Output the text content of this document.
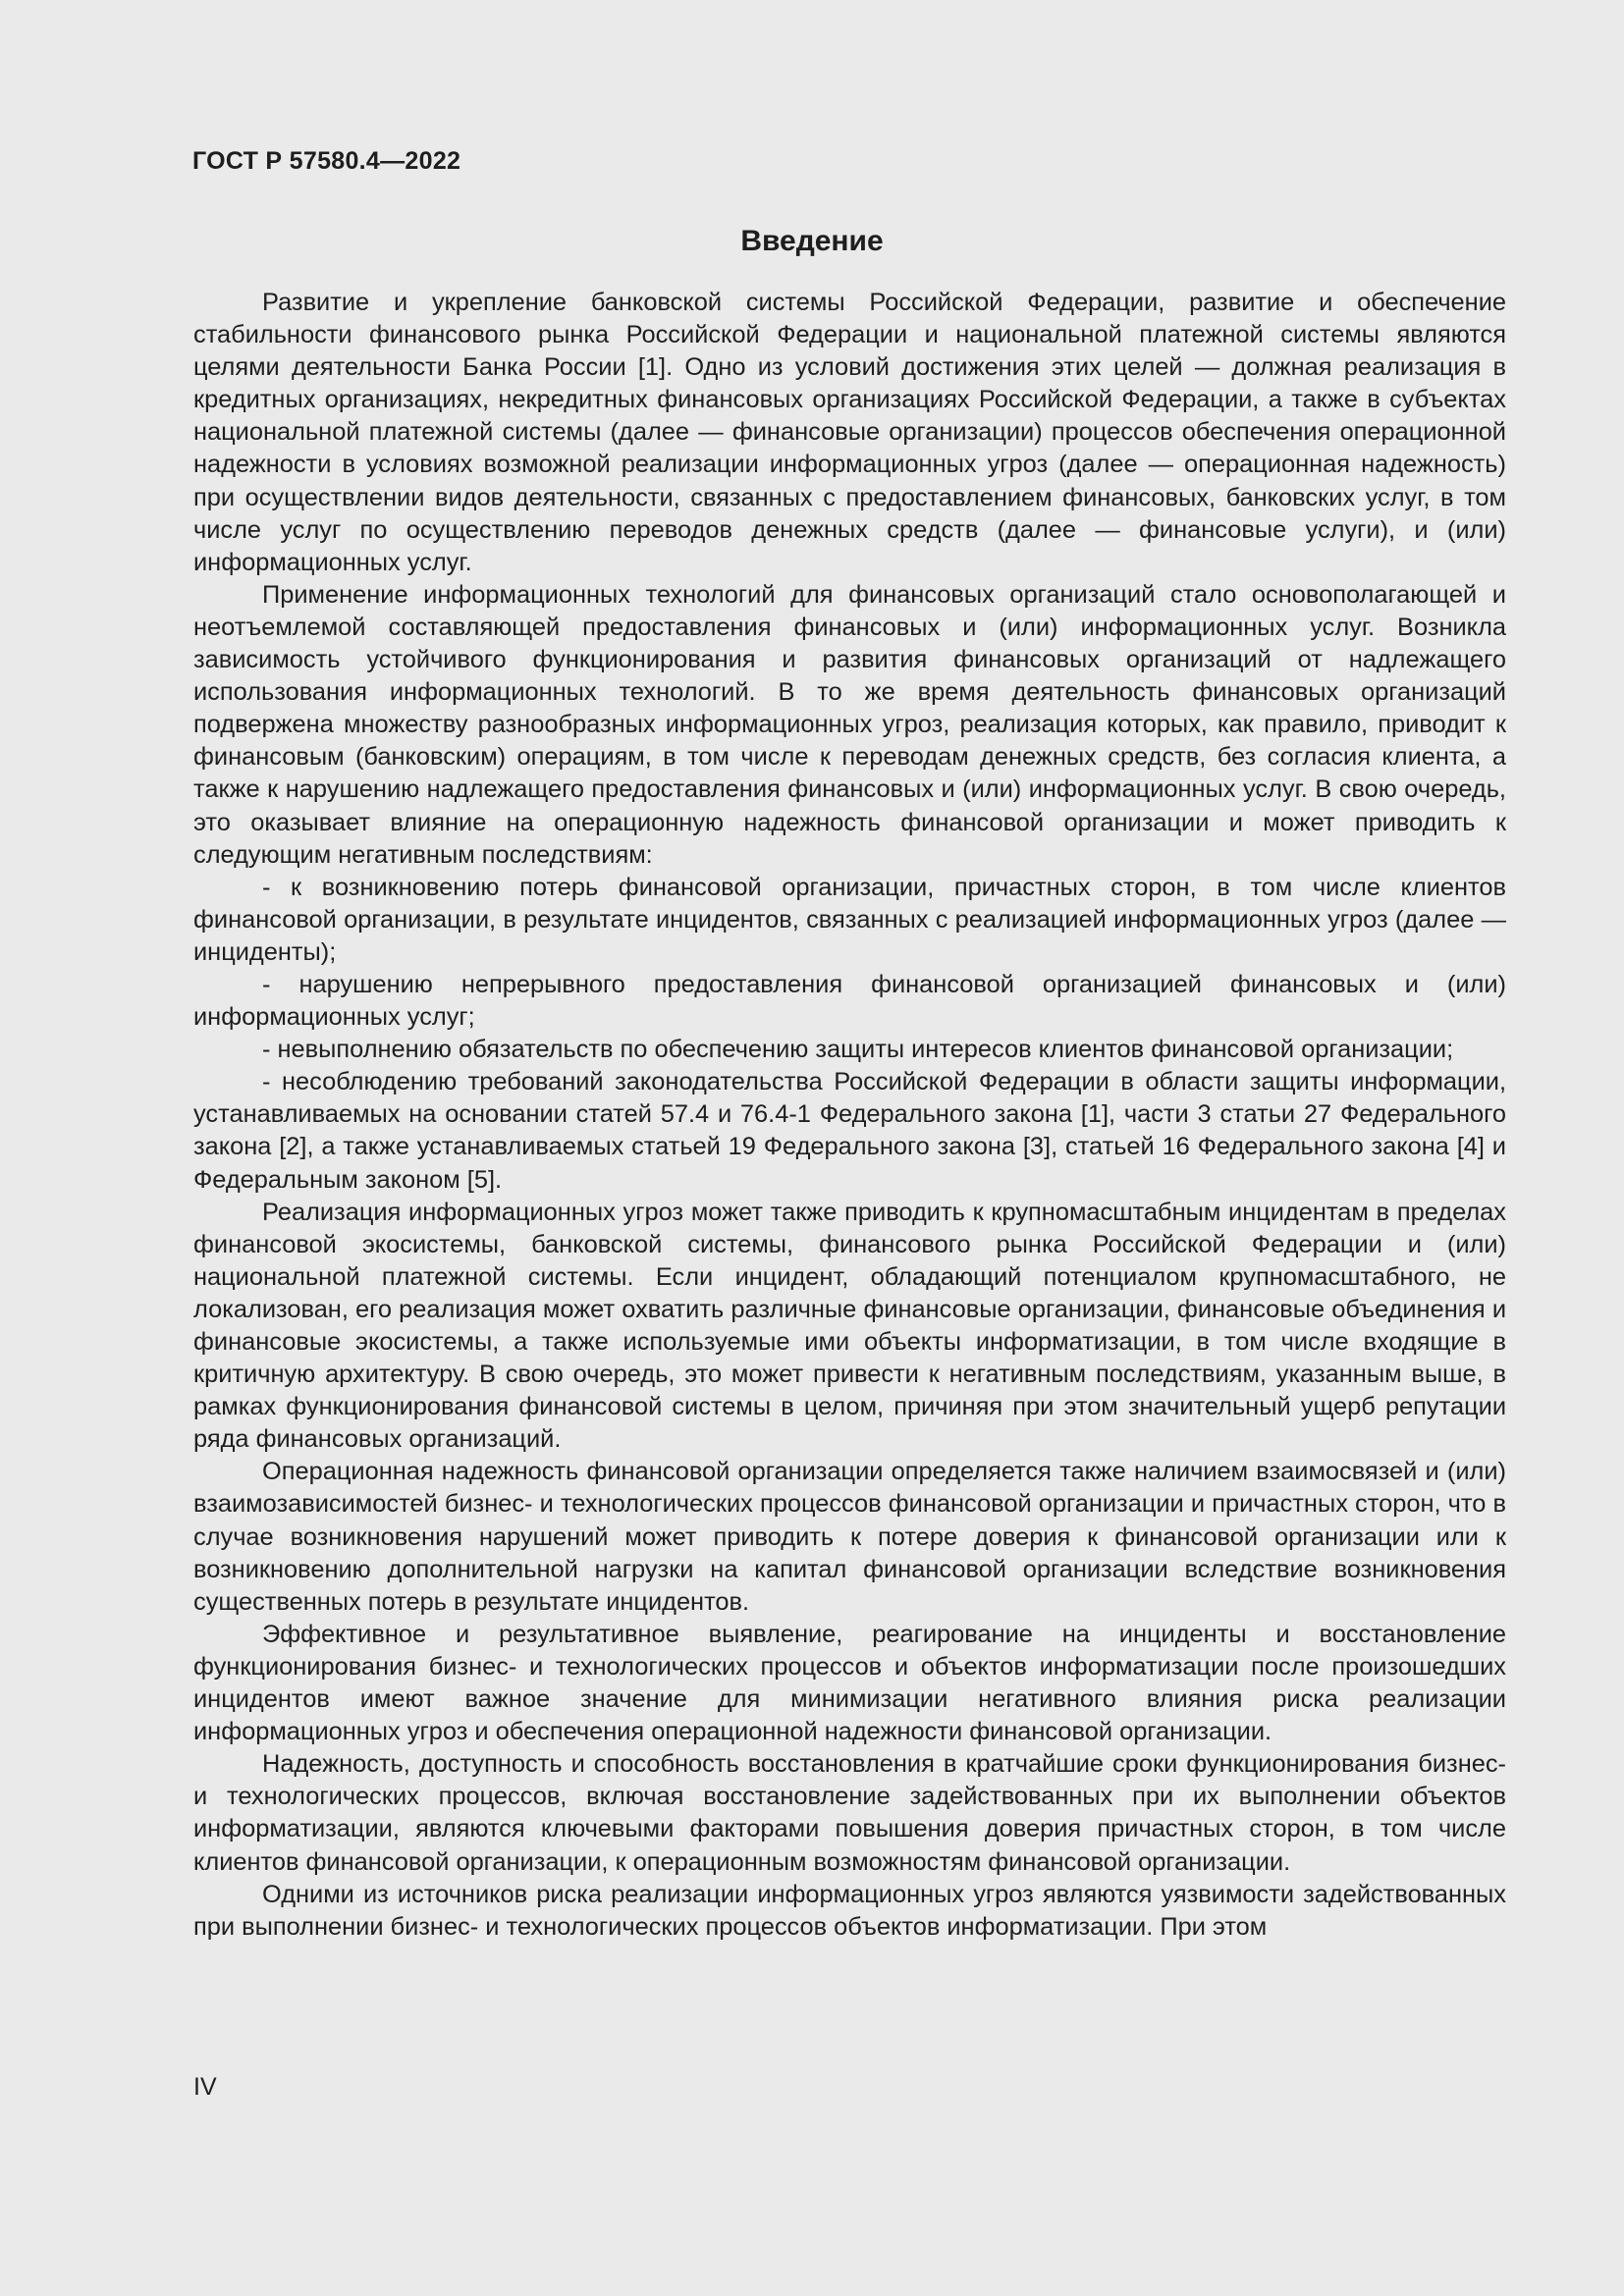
ГОСТ Р 57580.4—2022
Введение

Развитие и укрепление банковской системы Российской Федерации, развитие и обеспечение стабильности финансового рынка Российской Федерации и национальной платежной системы являются целями деятельности Банка России [1]. Одно из условий достижения этих целей — должная реализация в кредитных организациях, некредитных финансовых организациях Российской Федерации, а также в субъектах национальной платежной системы (далее — финансовые организации) процессов обеспечения операционной надежности в условиях возможной реализации информационных угроз (далее — операционная надежность) при осуществлении видов деятельности, связанных с предоставлением финансовых, банковских услуг, в том числе услуг по осуществлению переводов денежных средств (далее — финансовые услуги), и (или) информационных услуг.

Применение информационных технологий для финансовых организаций стало основополагающей и неотъемлемой составляющей предоставления финансовых и (или) информационных услуг. Возникла зависимость устойчивого функционирования и развития финансовых организаций от надлежащего использования информационных технологий. В то же время деятельность финансовых организаций подвержена множеству разнообразных информационных угроз, реализация которых, как правило, приводит к финансовым (банковским) операциям, в том числе к переводам денежных средств, без согласия клиента, а также к нарушению надлежащего предоставления финансовых и (или) информационных услуг. В свою очередь, это оказывает влияние на операционную надежность финансовой организации и может приводить к следующим негативным последствиям:

- к возникновению потерь финансовой организации, причастных сторон, в том числе клиентов финансовой организации, в результате инцидентов, связанных с реализацией информационных угроз (далее — инциденты);

- нарушению непрерывного предоставления финансовой организацией финансовых и (или) информационных услуг;

- невыполнению обязательств по обеспечению защиты интересов клиентов финансовой организации;

- несоблюдению требований законодательства Российской Федерации в области защиты информации, устанавливаемых на основании статей 57.4 и 76.4-1 Федерального закона [1], части 3 статьи 27 Федерального закона [2], а также устанавливаемых статьей 19 Федерального закона [3], статьей 16 Федерального закона [4] и Федеральным законом [5].

Реализация информационных угроз может также приводить к крупномасштабным инцидентам в пределах финансовой экосистемы, банковской системы, финансового рынка Российской Федерации и (или) национальной платежной системы. Если инцидент, обладающий потенциалом крупномасштабного, не локализован, его реализация может охватить различные финансовые организации, финансовые объединения и финансовые экосистемы, а также используемые ими объекты информатизации, в том числе входящие в критичную архитектуру. В свою очередь, это может привести к негативным последствиям, указанным выше, в рамках функционирования финансовой системы в целом, причиняя при этом значительный ущерб репутации ряда финансовых организаций.

Операционная надежность финансовой организации определяется также наличием взаимосвязей и (или) взаимозависимостей бизнес- и технологических процессов финансовой организации и причастных сторон, что в случае возникновения нарушений может приводить к потере доверия к финансовой организации или к возникновению дополнительной нагрузки на капитал финансовой организации вследствие возникновения существенных потерь в результате инцидентов.

Эффективное и результативное выявление, реагирование на инциденты и восстановление функционирования бизнес- и технологических процессов и объектов информатизации после произошедших инцидентов имеют важное значение для минимизации негативного влияния риска реализации информационных угроз и обеспечения операционной надежности финансовой организации.

Надежность, доступность и способность восстановления в кратчайшие сроки функционирования бизнес- и технологических процессов, включая восстановление задействованных при их выполнении объектов информатизации, являются ключевыми факторами повышения доверия причастных сторон, в том числе клиентов финансовой организации, к операционным возможностям финансовой организации.

Одними из источников риска реализации информационных угроз являются уязвимости задействованных при выполнении бизнес- и технологических процессов объектов информатизации. При этом

IV
